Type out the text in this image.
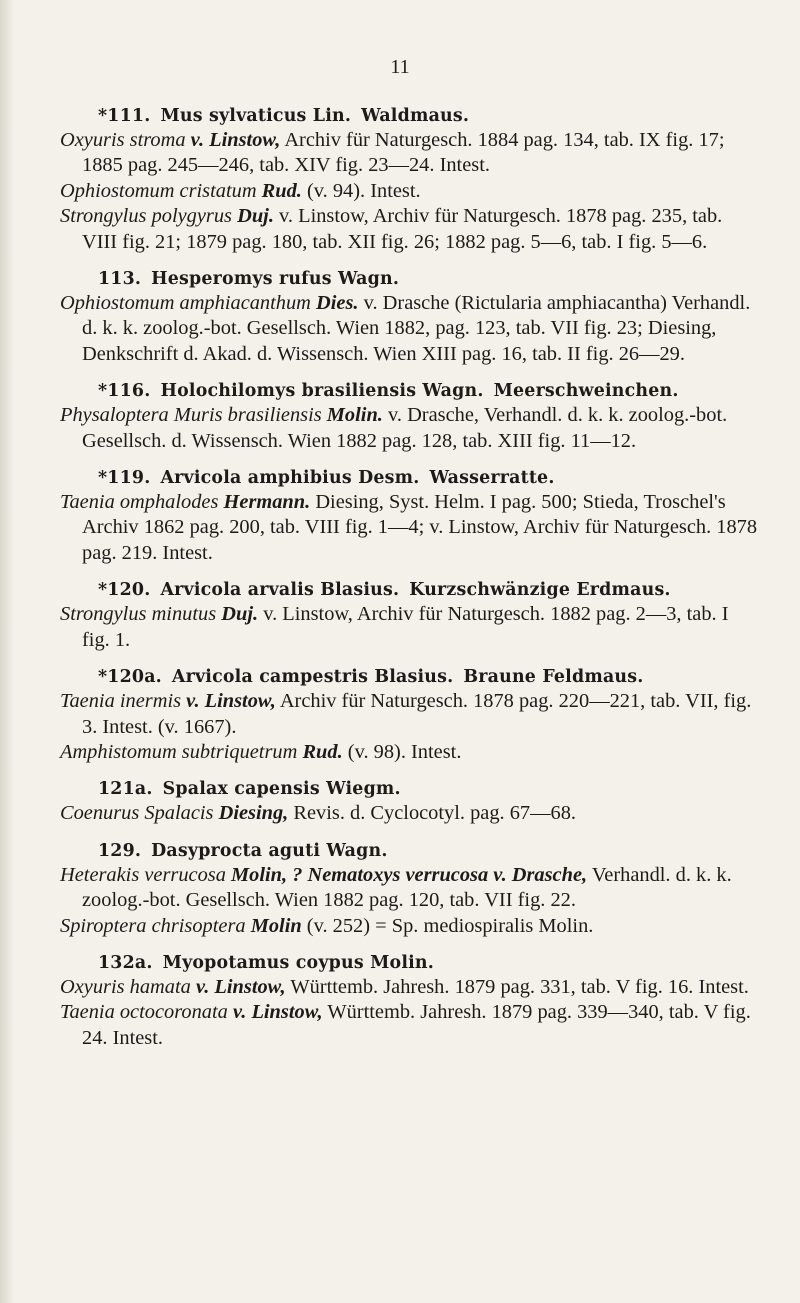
11
*111. Mus sylvaticus Lin. Waldmaus.
Oxyuris stroma v. Linstow, Archiv für Naturgesch. 1884 pag. 134, tab. IX fig. 17; 1885 pag. 245—246, tab. XIV fig. 23—24. Intest.
Ophiostomum cristatum Rud. (v. 94). Intest.
Strongylus polygyrus Duj. v. Linstow, Archiv für Naturgesch. 1878 pag. 235, tab. VIII fig. 21; 1879 pag. 180, tab. XII fig. 26; 1882 pag. 5—6, tab. I fig. 5—6.
113. Hesperomys rufus Wagn.
Ophiostomum amphiacanthum Dies. v. Drasche (Rictularia amphiacantha) Verhandl. d. k. k. zoolog.-bot. Gesellsch. Wien 1882, pag. 123, tab. VII fig. 23; Diesing, Denkschrift d. Akad. d. Wissensch. Wien XIII pag. 16, tab. II fig. 26—29.
*116. Holochilomys brasiliensis Wagn. Meerschweinchen.
Physaloptera Muris brasiliensis Molin. v. Drasche, Verhandl. d. k. k. zoolog.-bot. Gesellsch. d. Wissensch. Wien 1882 pag. 128, tab. XIII fig. 11—12.
*119. Arvicola amphibius Desm. Wasserratte.
Taenia omphalodes Hermann. Diesing, Syst. Helm. I pag. 500; Stieda, Troschel's Archiv 1862 pag. 200, tab. VIII fig. 1—4; v. Linstow, Archiv für Naturgesch. 1878 pag. 219. Intest.
*120. Arvicola arvalis Blasius. Kurzschwänzige Erdmaus.
Strongylus minutus Duj. v. Linstow, Archiv für Naturgesch. 1882 pag. 2—3, tab. I fig. 1.
*120a. Arvicola campestris Blasius. Braune Feldmaus.
Taenia inermis v. Linstow, Archiv für Naturgesch. 1878 pag. 220—221, tab. VII, fig. 3. Intest. (v. 1667).
Amphistomum subtriquetrum Rud. (v. 98). Intest.
121a. Spalax capensis Wiegm.
Coenurus Spalacis Diesing, Revis. d. Cyclocotyl. pag. 67—68.
129. Dasyprocta aguti Wagn.
Heterakis verrucosa Molin, ? Nematoxys verrucosa v. Drasche, Verhandl. d. k. k. zoolog.-bot. Gesellsch. Wien 1882 pag. 120, tab. VII fig. 22.
Spiroptera chrisoptera Molin (v. 252) = Sp. mediospiralis Molin.
132a. Myopotamus coypus Molin.
Oxyuris hamata v. Linstow, Württemb. Jahresh. 1879 pag. 331, tab. V fig. 16. Intest.
Taenia octocoronata v. Linstow, Württemb. Jahresh. 1879 pag. 339—340, tab. V fig. 24. Intest.
